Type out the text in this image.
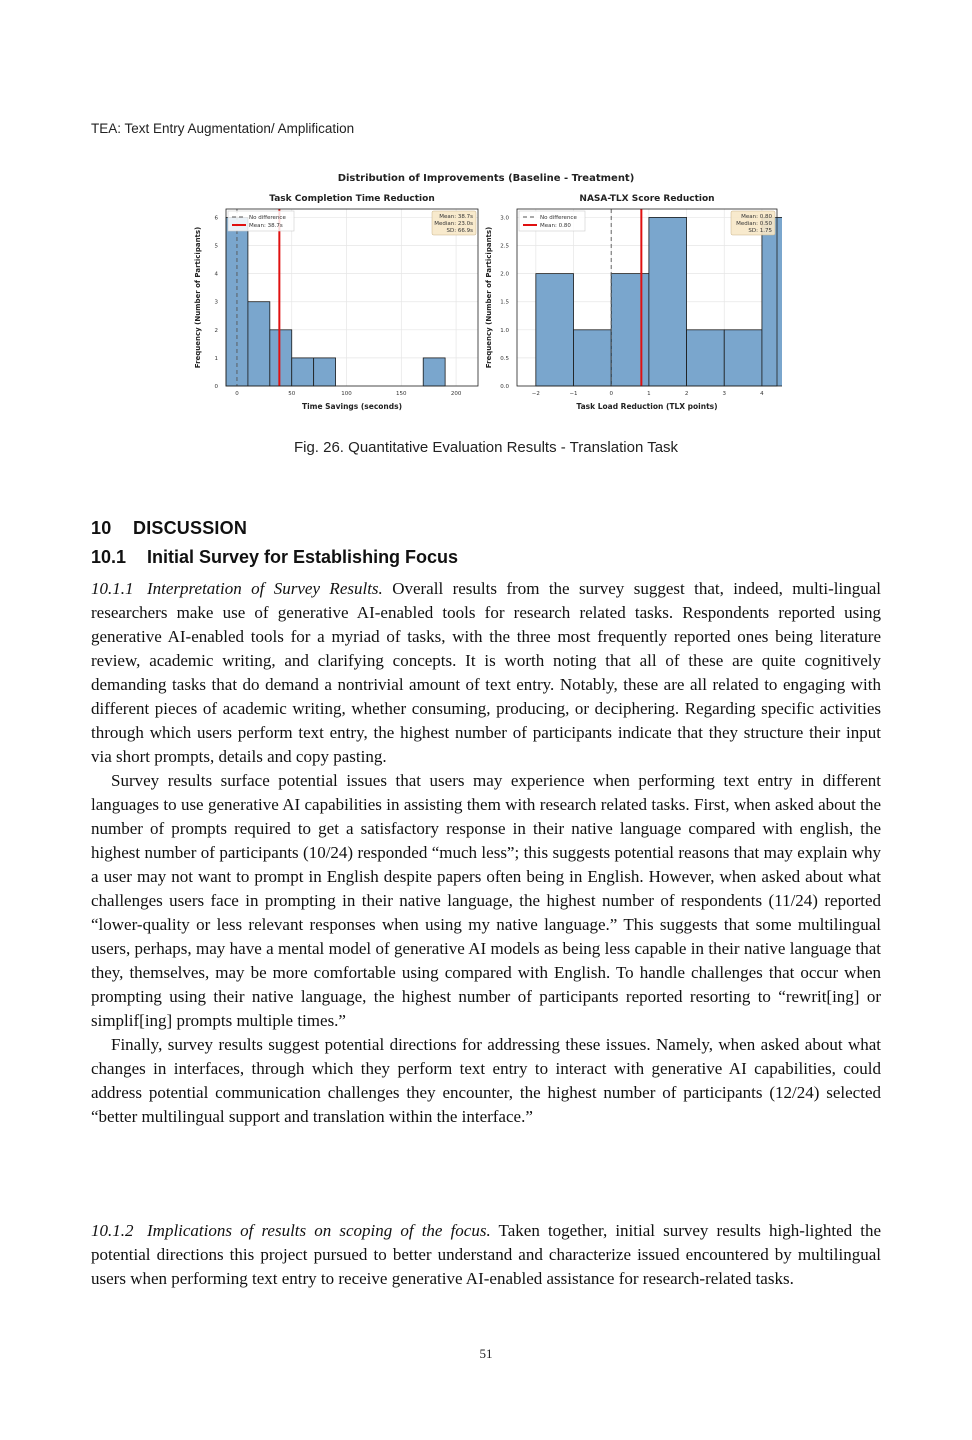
TEA: Text Entry Augmentation/ Amplification
Distribution of Improvements (Baseline - Treatment)
Task Completion Time Reduction
0	50	100	150	200
0
1
2
3
4
5
6
Time Savings (seconds)
Frequency (Number of Participants)
No difference
Mean: 38.7s
Mean: 38.7s
Median: 23.0s
SD: 66.9s
NASA-TLX Score Reduction
−2	−1	0	1	2	3	4
0.0
0.5
1.0
1.5
2.0
2.5
3.0
Task Load Reduction (TLX points)
Frequency (Number of Participants)
No difference
Mean: 0.80
Mean: 0.80
Median: 0.50
SD: 1.75
Fig. 26. Quantitative Evaluation Results - Translation Task
10 DISCUSSION
10.1 Initial Survey for Establishing Focus

10.1.1 Interpretation of Survey Results. Overall results from the survey suggest that, indeed, multi-lingual researchers make use of generative AI-enabled tools for research related tasks. Respondents reported using generative AI-enabled tools for a myriad of tasks, with the three most frequently reported ones being literature review, academic writing, and clarifying concepts. It is worth noting that all of these are quite cognitively demanding tasks that do demand a nontrivial amount of text entry. Notably, these are all related to engaging with different pieces of academic writing, whether consuming, producing, or deciphering. Regarding specific activities through which users perform text entry, the highest number of participants indicate that they structure their input via short prompts, details and copy pasting.

Survey results surface potential issues that users may experience when performing text entry in different languages to use generative AI capabilities in assisting them with research related tasks. First, when asked about the number of prompts required to get a satisfactory response in their native language compared with english, the highest number of participants (10/24) responded “much less”; this suggests potential reasons that may explain why a user may not want to prompt in English despite papers often being in English. However, when asked about what challenges users face in prompting in their native language, the highest number of respondents (11/24) reported “lower-quality or less relevant responses when using my native language.” This suggests that some multilingual users, perhaps, may have a mental model of generative AI models as being less capable in their native language that they, themselves, may be more comfortable using compared with English. To handle challenges that occur when prompting using their native language, the highest number of participants reported resorting to “rewrit[ing] or simplif[ing] prompts multiple times.”

Finally, survey results suggest potential directions for addressing these issues. Namely, when asked about what changes in interfaces, through which they perform text entry to interact with generative AI capabilities, could address potential communication challenges they encounter, the highest number of participants (12/24) selected “better multilingual support and translation within the interface.”

10.1.2 Implications of results on scoping of the focus. Taken together, initial survey results high-lighted the potential directions this project pursued to better understand and characterize issued encountered by multilingual users when performing text entry to receive generative AI-enabled assistance for research-related tasks.

51
